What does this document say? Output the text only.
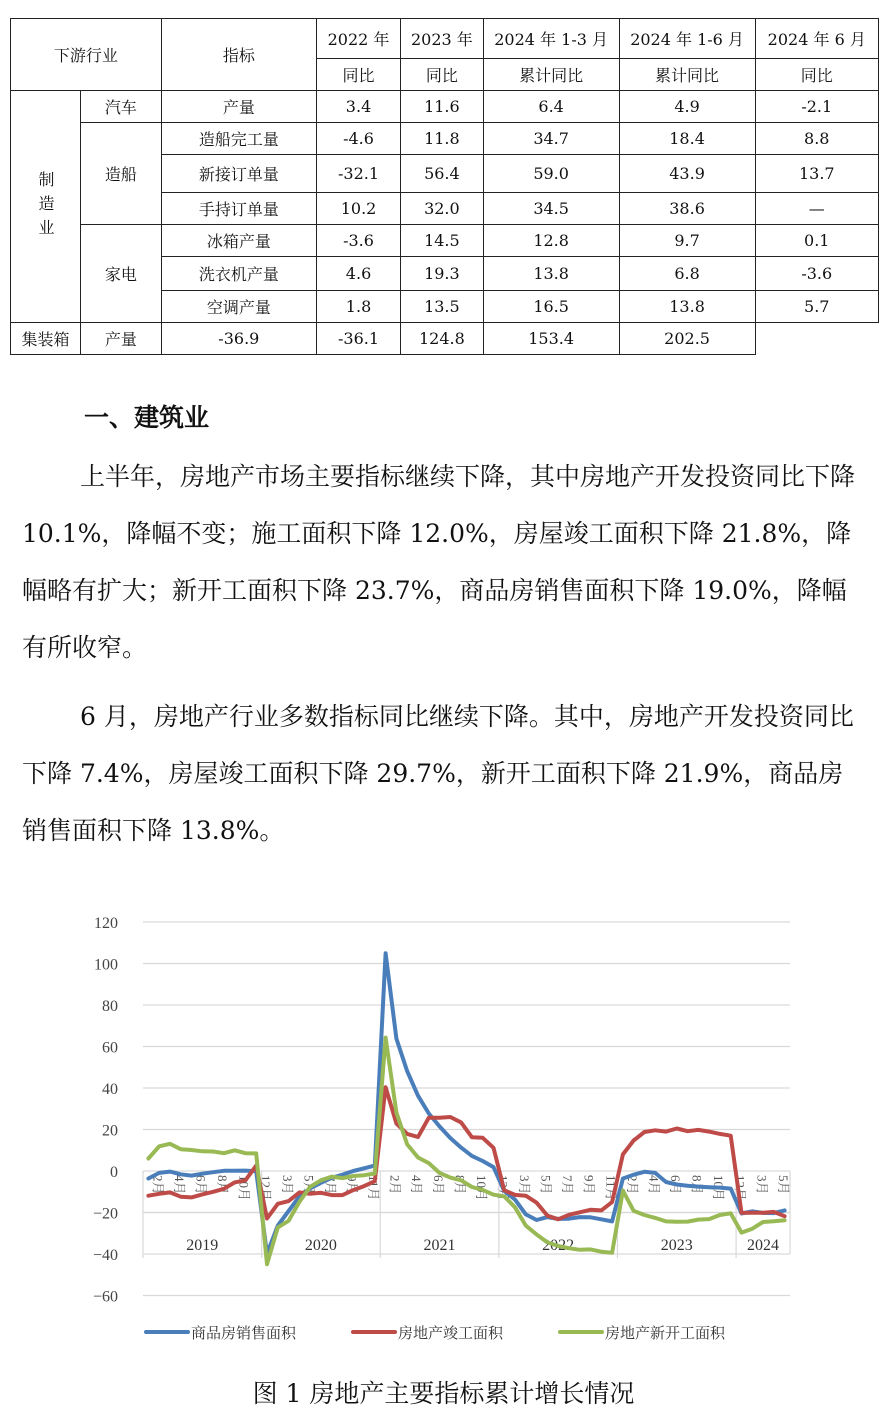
下游行业		指标	2022 年	2023 年	2024 年 1-3 月	2024 年 1-6 月	2024 年 6 月
			同比	同比	累计同比	累计同比	同比
制造业	汽车	产量	3.4	11.6	6.4	4.9	-2.1
	造船	造船完工量	-4.6	11.8	34.7	18.4	8.8
		新接订单量	-32.1	56.4	59.0	43.9	13.7
		手持订单量	10.2	32.0	34.5	38.6	—
	家电	冰箱产量	-3.6	14.5	12.8	9.7	0.1
		洗衣机产量	4.6	19.3	13.8	6.8	-3.6
		空调产量	1.8	13.5	16.5	13.8	5.7
集装箱	产量	-36.9	-36.1	124.8	153.4	202.5	
一、建筑业
上半年，房地产市场主要指标继续下降，其中房地产开发投资同比下降 10.1%，降幅不变；施工面积下降 12.0%，房屋竣工面积下降 21.8%，降幅略有扩大；新开工面积下降 23.7%，商品房销售面积下降 19.0%，降幅有所收窄。
6 月，房地产行业多数指标同比继续下降。其中，房地产开发投资同比下降 7.4%，房屋竣工面积下降 29.7%，新开工面积下降 21.9%，商品房销售面积下降 13.8%。
120
100
80
60
40
20
0
−20
−40
−60
2019
2月 4月 6月 8月 10月 12月
2020
3月 5月 7月 9月 11月
2021
2月 4月 6月 8月 10月 12月
2022
3月 5月 7月 9月 11月
2023
2月 4月 6月 8月 10月 12月
2024
3月 5月
商品房销售面积	房地产竣工面积	房地产新开工面积
图 1 房地产主要指标累计增长情况
